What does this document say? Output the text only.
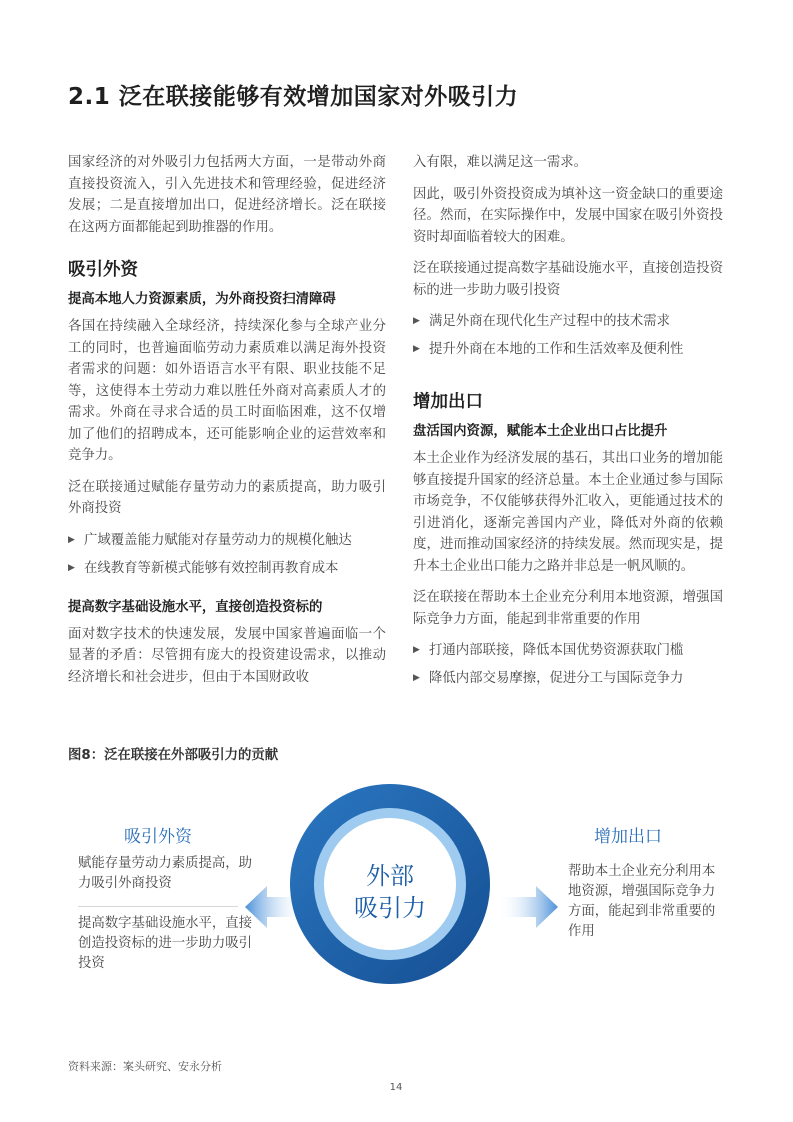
2.1 泛在联接能够有效增加国家对外吸引力
国家经济的对外吸引力包括两大方面，一是带动外商直接投资流入，引入先进技术和管理经验，促进经济发展；二是直接增加出口，促进经济增长。泛在联接在这两方面都能起到助推器的作用。
吸引外资
提高本地人力资源素质，为外商投资扫清障碍
各国在持续融入全球经济，持续深化参与全球产业分工的同时，也普遍面临劳动力素质难以满足海外投资者需求的问题：如外语语言水平有限、职业技能不足等，这使得本土劳动力难以胜任外商对高素质人才的需求。外商在寻求合适的员工时面临困难，这不仅增加了他们的招聘成本，还可能影响企业的运营效率和竞争力。
泛在联接通过赋能存量劳动力的素质提高，助力吸引外商投资
▶ 广域覆盖能力赋能对存量劳动力的规模化触达
▶ 在线教育等新模式能够有效控制再教育成本
提高数字基础设施水平，直接创造投资标的
面对数字技术的快速发展，发展中国家普遍面临一个显著的矛盾：尽管拥有庞大的投资建设需求，以推动经济增长和社会进步，但由于本国财政收
入有限，难以满足这一需求。
因此，吸引外资投资成为填补这一资金缺口的重要途径。然而，在实际操作中，发展中国家在吸引外资投资时却面临着较大的困难。
泛在联接通过提高数字基础设施水平，直接创造投资标的进一步助力吸引投资
▶ 满足外商在现代化生产过程中的技术需求
▶ 提升外商在本地的工作和生活效率及便利性
增加出口
盘活国内资源，赋能本土企业出口占比提升
本土企业作为经济发展的基石，其出口业务的增加能够直接提升国家的经济总量。本土企业通过参与国际市场竞争，不仅能够获得外汇收入，更能通过技术的引进消化，逐渐完善国内产业，降低对外商的依赖度，进而推动国家经济的持续发展。然而现实是，提升本土企业出口能力之路并非总是一帆风顺的。
泛在联接在帮助本土企业充分利用本地资源，增强国际竞争力方面，能起到非常重要的作用
▶ 打通内部联接，降低本国优势资源获取门槛
▶ 降低内部交易摩擦，促进分工与国际竞争力
图8：泛在联接在外部吸引力的贡献
吸引外资
赋能存量劳动力素质提高，助力吸引外商投资
提高数字基础设施水平，直接创造投资标的进一步助力吸引投资
外部
吸引力
增加出口
帮助本土企业充分利用本地资源，增强国际竞争力方面，能起到非常重要的作用
资料来源：案头研究、安永分析
14
